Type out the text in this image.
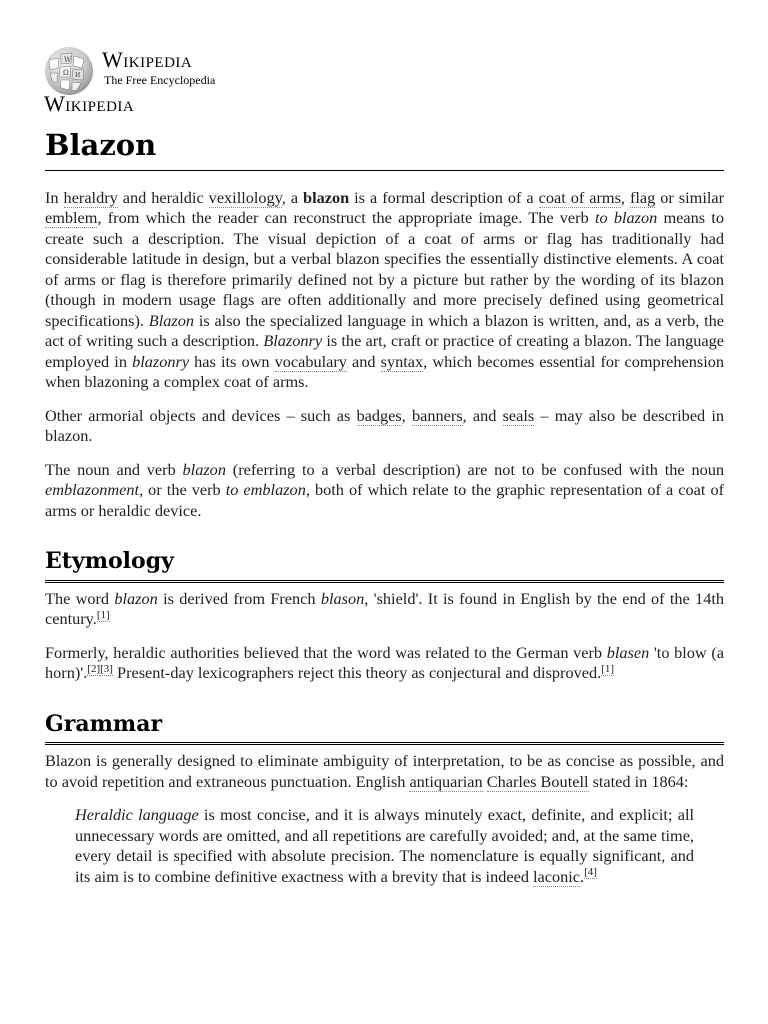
W
Ω И
Wikipedia
The Free Encyclopedia
Wikipedia
Blazon

In heraldry and heraldic vexillology, a blazon is a formal description of a coat of arms, flag or similar emblem, from which the reader can reconstruct the appropriate image. The verb to blazon means to create such a description. The visual depiction of a coat of arms or flag has traditionally had considerable latitude in design, but a verbal blazon specifies the essentially distinctive elements. A coat of arms or flag is therefore primarily defined not by a picture but rather by the wording of its blazon (though in modern usage flags are often additionally and more precisely defined using geometrical specifications). Blazon is also the specialized language in which a blazon is written, and, as a verb, the act of writing such a description. Blazonry is the art, craft or practice of creating a blazon. The language employed in blazonry has its own vocabulary and syntax, which becomes essential for comprehension when blazoning a complex coat of arms.

Other armorial objects and devices – such as badges, banners, and seals – may also be described in blazon.

The noun and verb blazon (referring to a verbal description) are not to be confused with the noun emblazonment, or the verb to emblazon, both of which relate to the graphic representation of a coat of arms or heraldic device.

Etymology

The word blazon is derived from French blason, 'shield'. It is found in English by the end of the 14th century.[1]

Formerly, heraldic authorities believed that the word was related to the German verb blasen 'to blow (a horn)'.[2][3] Present-day lexicographers reject this theory as conjectural and disproved.[1]

Grammar

Blazon is generally designed to eliminate ambiguity of interpretation, to be as concise as possible, and to avoid repetition and extraneous punctuation. English antiquarian Charles Boutell stated in 1864:

Heraldic language is most concise, and it is always minutely exact, definite, and explicit; all unnecessary words are omitted, and all repetitions are carefully avoided; and, at the same time, every detail is specified with absolute precision. The nomenclature is equally significant, and its aim is to combine definitive exactness with a brevity that is indeed laconic.[4]
